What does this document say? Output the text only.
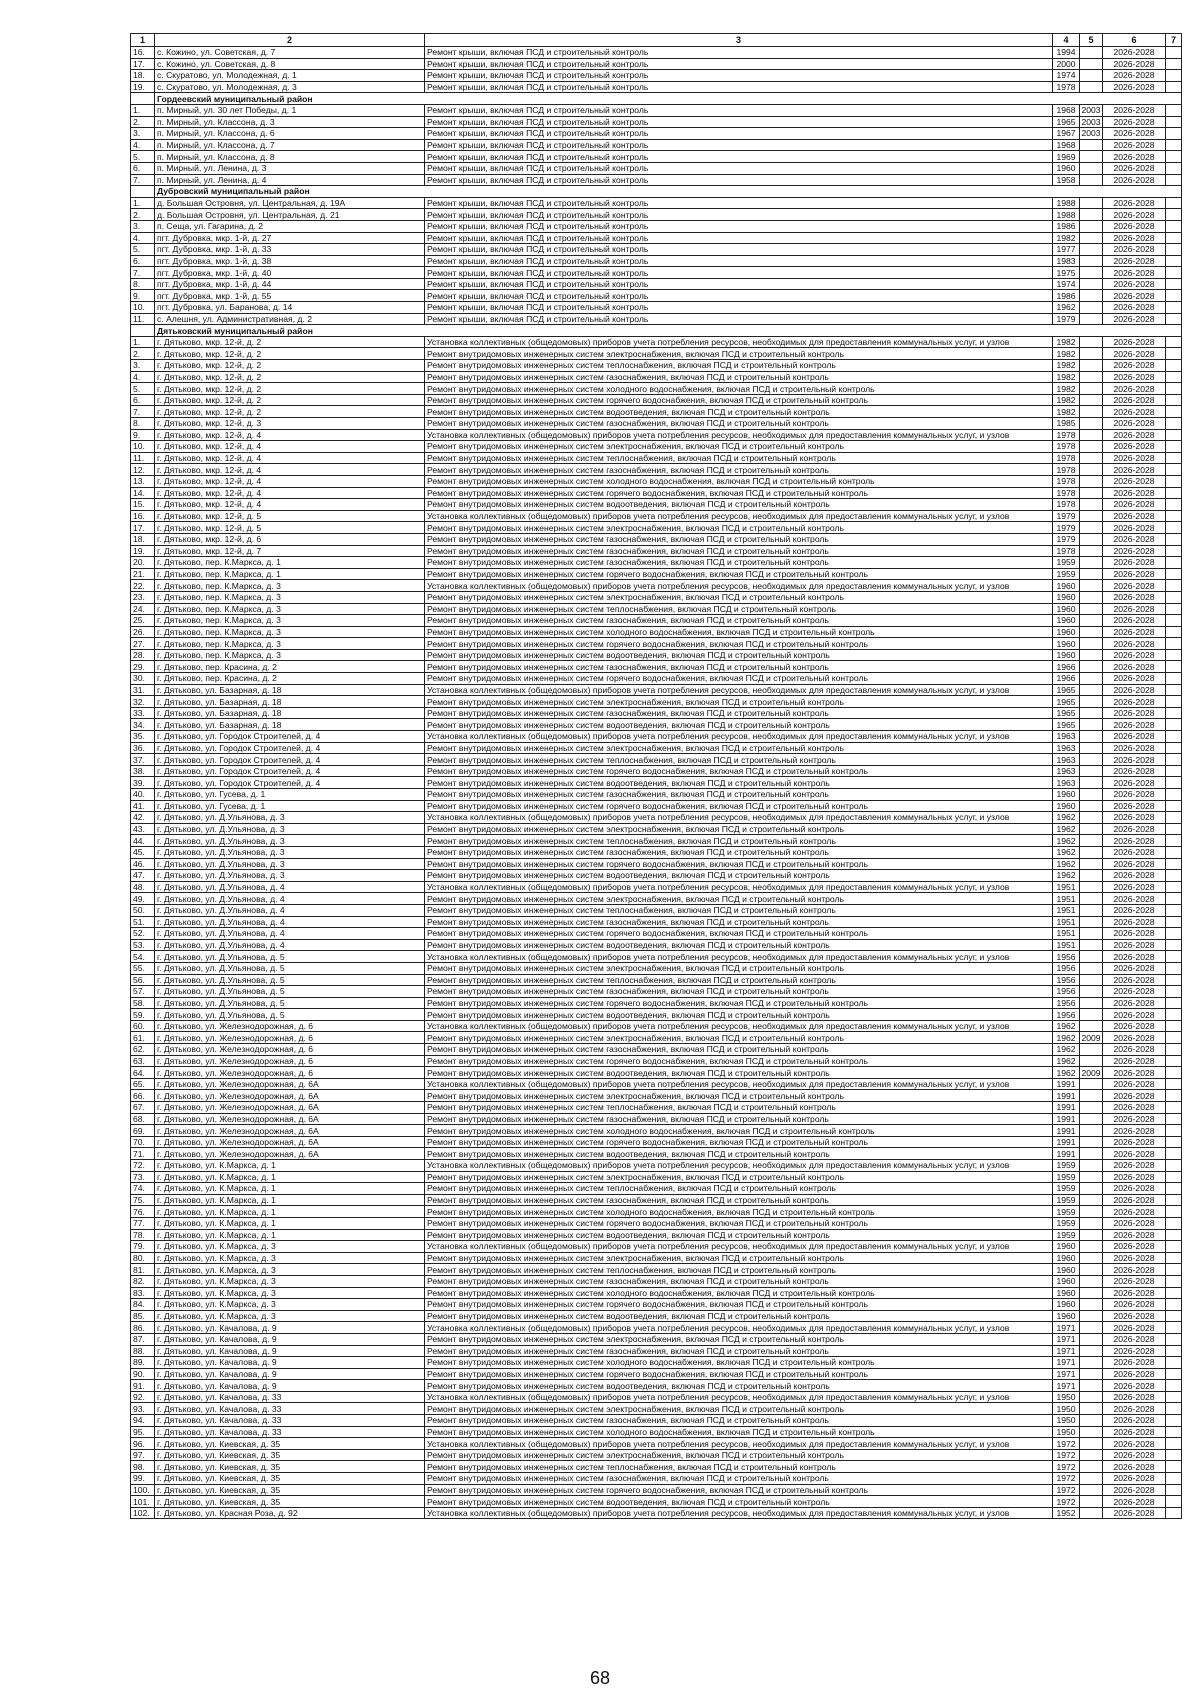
1	2	3	4	5	6	7
16.	с. Кожино, ул. Советская, д. 7	Ремонт крыши, включая ПСД и строительный контроль	1994		2026-2028	
17.	с. Кожино, ул. Советская, д. 8	Ремонт крыши, включая ПСД и строительный контроль	2000		2026-2028	
18.	с. Скуратово, ул. Молодежная, д. 1	Ремонт крыши, включая ПСД и строительный контроль	1974		2026-2028	
19.	с. Скуратово, ул. Молодежная, д. 3	Ремонт крыши, включая ПСД и строительный контроль	1978		2026-2028	
	Гордеевский муниципальный район					
1.	п. Мирный, ул. 30 лет Победы, д. 1	Ремонт крыши, включая ПСД и строительный контроль	1968	2003	2026-2028	
2.	п. Мирный, ул. Классона, д. 3	Ремонт крыши, включая ПСД и строительный контроль	1965	2003	2026-2028	
3.	п. Мирный, ул. Классона, д. 6	Ремонт крыши, включая ПСД и строительный контроль	1967	2003	2026-2028	
4.	п. Мирный, ул. Классона, д. 7	Ремонт крыши, включая ПСД и строительный контроль	1968		2026-2028	
5.	п. Мирный, ул. Классона, д. 8	Ремонт крыши, включая ПСД и строительный контроль	1969		2026-2028	
6.	п. Мирный, ул. Ленина, д. 3	Ремонт крыши, включая ПСД и строительный контроль	1960		2026-2028	
7.	п. Мирный, ул. Ленина, д. 4	Ремонт крыши, включая ПСД и строительный контроль	1958		2026-2028	
	Дубровский муниципальный район					
1.	д. Большая Островня, ул. Центральная, д. 19А	Ремонт крыши, включая ПСД и строительный контроль	1988		2026-2028	
2.	д. Большая Островня, ул. Центральная, д. 21	Ремонт крыши, включая ПСД и строительный контроль	1988		2026-2028	
3.	п. Сеща, ул. Гагарина, д. 2	Ремонт крыши, включая ПСД и строительный контроль	1986		2026-2028	
4.	пгт. Дубровка, мкр. 1-й, д. 27	Ремонт крыши, включая ПСД и строительный контроль	1982		2026-2028	
5.	пгт. Дубровка, мкр. 1-й, д. 33	Ремонт крыши, включая ПСД и строительный контроль	1977		2026-2028	
6.	пгт. Дубровка, мкр. 1-й, д. 38	Ремонт крыши, включая ПСД и строительный контроль	1983		2026-2028	
7.	пгт. Дубровка, мкр. 1-й, д. 40	Ремонт крыши, включая ПСД и строительный контроль	1975		2026-2028	
8.	пгт. Дубровка, мкр. 1-й, д. 44	Ремонт крыши, включая ПСД и строительный контроль	1974		2026-2028	
9.	пгт. Дубровка, мкр. 1-й, д. 55	Ремонт крыши, включая ПСД и строительный контроль	1986		2026-2028	
10.	пгт. Дубровка, ул. Баранова, д. 14	Ремонт крыши, включая ПСД и строительный контроль	1962		2026-2028	
11.	с. Алешня, ул. Административная, д. 2	Ремонт крыши, включая ПСД и строительный контроль	1979		2026-2028	
	Дятьковский муниципальный район					
1.	г. Дятьково, мкр. 12-й, д. 2	Установка коллективных (общедомовых) приборов учета потребления ресурсов, необходимых для предоставления коммунальных услуг, и узлов	1982		2026-2028	
2.	г. Дятьково, мкр. 12-й, д. 2	Ремонт внутридомовых инженерных систем электроснабжения, включая ПСД и строительный контроль	1982		2026-2028	
3.	г. Дятьково, мкр. 12-й, д. 2	Ремонт внутридомовых инженерных систем теплоснабжения, включая ПСД и строительный контроль	1982		2026-2028	
4.	г. Дятьково, мкр. 12-й, д. 2	Ремонт внутридомовых инженерных систем газоснабжения, включая ПСД и строительный контроль	1982		2026-2028	
5.	г. Дятьково, мкр. 12-й, д. 2	Ремонт внутридомовых инженерных систем холодного водоснабжения, включая ПСД и строительный контроль	1982		2026-2028	
6.	г. Дятьково, мкр. 12-й, д. 2	Ремонт внутридомовых инженерных систем горячего водоснабжения, включая ПСД и строительный контроль	1982		2026-2028	
7.	г. Дятьково, мкр. 12-й, д. 2	Ремонт внутридомовых инженерных систем водоотведения, включая ПСД и строительный контроль	1982		2026-2028	
8.	г. Дятьково, мкр. 12-й, д. 3	Ремонт внутридомовых инженерных систем газоснабжения, включая ПСД и строительный контроль	1985		2026-2028	
9.	г. Дятьково, мкр. 12-й, д. 4	Установка коллективных (общедомовых) приборов учета потребления ресурсов, необходимых для предоставления коммунальных услуг, и узлов	1978		2026-2028	
10.	г. Дятьково, мкр. 12-й, д. 4	Ремонт внутридомовых инженерных систем электроснабжения, включая ПСД и строительный контроль	1978		2026-2028	
11.	г. Дятьково, мкр. 12-й, д. 4	Ремонт внутридомовых инженерных систем теплоснабжения, включая ПСД и строительный контроль	1978		2026-2028	
12.	г. Дятьково, мкр. 12-й, д. 4	Ремонт внутридомовых инженерных систем газоснабжения, включая ПСД и строительный контроль	1978		2026-2028	
13.	г. Дятьково, мкр. 12-й, д. 4	Ремонт внутридомовых инженерных систем холодного водоснабжения, включая ПСД и строительный контроль	1978		2026-2028	
14.	г. Дятьково, мкр. 12-й, д. 4	Ремонт внутридомовых инженерных систем горячего водоснабжения, включая ПСД и строительный контроль	1978		2026-2028	
15.	г. Дятьково, мкр. 12-й, д. 4	Ремонт внутридомовых инженерных систем водоотведения, включая ПСД и строительный контроль	1978		2026-2028	
16.	г. Дятьково, мкр. 12-й, д. 5	Установка коллективных (общедомовых) приборов учета потребления ресурсов, необходимых для предоставления коммунальных услуг, и узлов	1979		2026-2028	
17.	г. Дятьково, мкр. 12-й, д. 5	Ремонт внутридомовых инженерных систем электроснабжения, включая ПСД и строительный контроль	1979		2026-2028	
18.	г. Дятьково, мкр. 12-й, д. 6	Ремонт внутридомовых инженерных систем газоснабжения, включая ПСД и строительный контроль	1979		2026-2028	
19.	г. Дятьково, мкр. 12-й, д. 7	Ремонт внутридомовых инженерных систем газоснабжения, включая ПСД и строительный контроль	1978		2026-2028	
20.	г. Дятьково, пер. К.Маркса, д. 1	Ремонт внутридомовых инженерных систем газоснабжения, включая ПСД и строительный контроль	1959		2026-2028	
21.	г. Дятьково, пер. К.Маркса, д. 1	Ремонт внутридомовых инженерных систем горячего водоснабжения, включая ПСД и строительный контроль	1959		2026-2028	
22.	г. Дятьково, пер. К.Маркса, д. 3	Установка коллективных (общедомовых) приборов учета потребления ресурсов, необходимых для предоставления коммунальных услуг, и узлов	1960		2026-2028	
23.	г. Дятьково, пер. К.Маркса, д. 3	Ремонт внутридомовых инженерных систем электроснабжения, включая ПСД и строительный контроль	1960		2026-2028	
24.	г. Дятьково, пер. К.Маркса, д. 3	Ремонт внутридомовых инженерных систем теплоснабжения, включая ПСД и строительный контроль	1960		2026-2028	
25.	г. Дятьково, пер. К.Маркса, д. 3	Ремонт внутридомовых инженерных систем газоснабжения, включая ПСД и строительный контроль	1960		2026-2028	
26.	г. Дятьково, пер. К.Маркса, д. 3	Ремонт внутридомовых инженерных систем холодного водоснабжения, включая ПСД и строительный контроль	1960		2026-2028	
27.	г. Дятьково, пер. К.Маркса, д. 3	Ремонт внутридомовых инженерных систем горячего водоснабжения, включая ПСД и строительный контроль	1960		2026-2028	
28.	г. Дятьково, пер. К.Маркса, д. 3	Ремонт внутридомовых инженерных систем водоотведения, включая ПСД и строительный контроль	1960		2026-2028	
29.	г. Дятьково, пер. Красина, д. 2	Ремонт внутридомовых инженерных систем газоснабжения, включая ПСД и строительный контроль	1966		2026-2028	
30.	г. Дятьково, пер. Красина, д. 2	Ремонт внутридомовых инженерных систем горячего водоснабжения, включая ПСД и строительный контроль	1966		2026-2028	
31.	г. Дятьково, ул. Базарная, д. 18	Установка коллективных (общедомовых) приборов учета потребления ресурсов, необходимых для предоставления коммунальных услуг, и узлов	1965		2026-2028	
32.	г. Дятьково, ул. Базарная, д. 18	Ремонт внутридомовых инженерных систем электроснабжения, включая ПСД и строительный контроль	1965		2026-2028	
33.	г. Дятьково, ул. Базарная, д. 18	Ремонт внутридомовых инженерных систем газоснабжения, включая ПСД и строительный контроль	1965		2026-2028	
34.	г. Дятьково, ул. Базарная, д. 18	Ремонт внутридомовых инженерных систем водоотведения, включая ПСД и строительный контроль	1965		2026-2028	
35.	г. Дятьково, ул. Городок Строителей, д. 4	Установка коллективных (общедомовых) приборов учета потребления ресурсов, необходимых для предоставления коммунальных услуг, и узлов	1963		2026-2028	
36.	г. Дятьково, ул. Городок Строителей, д. 4	Ремонт внутридомовых инженерных систем электроснабжения, включая ПСД и строительный контроль	1963		2026-2028	
37.	г. Дятьково, ул. Городок Строителей, д. 4	Ремонт внутридомовых инженерных систем теплоснабжения, включая ПСД и строительный контроль	1963		2026-2028	
38.	г. Дятьково, ул. Городок Строителей, д. 4	Ремонт внутридомовых инженерных систем горячего водоснабжения, включая ПСД и строительный контроль	1963		2026-2028	
39.	г. Дятьково, ул. Городок Строителей, д. 4	Ремонт внутридомовых инженерных систем водоотведения, включая ПСД и строительный контроль	1963		2026-2028	
40.	г. Дятьково, ул. Гусева, д. 1	Ремонт внутридомовых инженерных систем газоснабжения, включая ПСД и строительный контроль	1960		2026-2028	
41.	г. Дятьково, ул. Гусева, д. 1	Ремонт внутридомовых инженерных систем горячего водоснабжения, включая ПСД и строительный контроль	1960		2026-2028	
42.	г. Дятьково, ул. Д.Ульянова, д. 3	Установка коллективных (общедомовых) приборов учета потребления ресурсов, необходимых для предоставления коммунальных услуг, и узлов	1962		2026-2028	
43.	г. Дятьково, ул. Д.Ульянова, д. 3	Ремонт внутридомовых инженерных систем электроснабжения, включая ПСД и строительный контроль	1962		2026-2028	
44.	г. Дятьково, ул. Д.Ульянова, д. 3	Ремонт внутридомовых инженерных систем теплоснабжения, включая ПСД и строительный контроль	1962		2026-2028	
45.	г. Дятьково, ул. Д.Ульянова, д. 3	Ремонт внутридомовых инженерных систем газоснабжения, включая ПСД и строительный контроль	1962		2026-2028	
46.	г. Дятьково, ул. Д.Ульянова, д. 3	Ремонт внутридомовых инженерных систем горячего водоснабжения, включая ПСД и строительный контроль	1962		2026-2028	
47.	г. Дятьково, ул. Д.Ульянова, д. 3	Ремонт внутридомовых инженерных систем водоотведения, включая ПСД и строительный контроль	1962		2026-2028	
48.	г. Дятьково, ул. Д.Ульянова, д. 4	Установка коллективных (общедомовых) приборов учета потребления ресурсов, необходимых для предоставления коммунальных услуг, и узлов	1951		2026-2028	
49.	г. Дятьково, ул. Д.Ульянова, д. 4	Ремонт внутридомовых инженерных систем электроснабжения, включая ПСД и строительный контроль	1951		2026-2028	
50.	г. Дятьково, ул. Д.Ульянова, д. 4	Ремонт внутридомовых инженерных систем теплоснабжения, включая ПСД и строительный контроль	1951		2026-2028	
51.	г. Дятьково, ул. Д.Ульянова, д. 4	Ремонт внутридомовых инженерных систем газоснабжения, включая ПСД и строительный контроль	1951		2026-2028	
52.	г. Дятьково, ул. Д.Ульянова, д. 4	Ремонт внутридомовых инженерных систем горячего водоснабжения, включая ПСД и строительный контроль	1951		2026-2028	
53.	г. Дятьково, ул. Д.Ульянова, д. 4	Ремонт внутридомовых инженерных систем водоотведения, включая ПСД и строительный контроль	1951		2026-2028	
54.	г. Дятьково, ул. Д.Ульянова, д. 5	Установка коллективных (общедомовых) приборов учета потребления ресурсов, необходимых для предоставления коммунальных услуг, и узлов	1956		2026-2028	
55.	г. Дятьково, ул. Д.Ульянова, д. 5	Ремонт внутридомовых инженерных систем электроснабжения, включая ПСД и строительный контроль	1956		2026-2028	
56.	г. Дятьково, ул. Д.Ульянова, д. 5	Ремонт внутридомовых инженерных систем теплоснабжения, включая ПСД и строительный контроль	1956		2026-2028	
57.	г. Дятьково, ул. Д.Ульянова, д. 5	Ремонт внутридомовых инженерных систем газоснабжения, включая ПСД и строительный контроль	1956		2026-2028	
58.	г. Дятьково, ул. Д.Ульянова, д. 5	Ремонт внутридомовых инженерных систем горячего водоснабжения, включая ПСД и строительный контроль	1956		2026-2028	
59.	г. Дятьково, ул. Д.Ульянова, д. 5	Ремонт внутридомовых инженерных систем водоотведения, включая ПСД и строительный контроль	1956		2026-2028	
60.	г. Дятьково, ул. Железнодорожная, д. 6	Установка коллективных (общедомовых) приборов учета потребления ресурсов, необходимых для предоставления коммунальных услуг, и узлов	1962		2026-2028	
61.	г. Дятьково, ул. Железнодорожная, д. 6	Ремонт внутридомовых инженерных систем электроснабжения, включая ПСД и строительный контроль	1962	2009	2026-2028	
62.	г. Дятьково, ул. Железнодорожная, д. 6	Ремонт внутридомовых инженерных систем газоснабжения, включая ПСД и строительный контроль	1962		2026-2028	
63.	г. Дятьково, ул. Железнодорожная, д. 6	Ремонт внутридомовых инженерных систем горячего водоснабжения, включая ПСД и строительный контроль	1962		2026-2028	
64.	г. Дятьково, ул. Железнодорожная, д. 6	Ремонт внутридомовых инженерных систем водоотведения, включая ПСД и строительный контроль	1962	2009	2026-2028	
65.	г. Дятьково, ул. Железнодорожная, д. 6А	Установка коллективных (общедомовых) приборов учета потребления ресурсов, необходимых для предоставления коммунальных услуг, и узлов	1991		2026-2028	
66.	г. Дятьково, ул. Железнодорожная, д. 6А	Ремонт внутридомовых инженерных систем электроснабжения, включая ПСД и строительный контроль	1991		2026-2028	
67.	г. Дятьково, ул. Железнодорожная, д. 6А	Ремонт внутридомовых инженерных систем теплоснабжения, включая ПСД и строительный контроль	1991		2026-2028	
68.	г. Дятьково, ул. Железнодорожная, д. 6А	Ремонт внутридомовых инженерных систем газоснабжения, включая ПСД и строительный контроль	1991		2026-2028	
69.	г. Дятьково, ул. Железнодорожная, д. 6А	Ремонт внутридомовых инженерных систем холодного водоснабжения, включая ПСД и строительный контроль	1991		2026-2028	
70.	г. Дятьково, ул. Железнодорожная, д. 6А	Ремонт внутридомовых инженерных систем горячего водоснабжения, включая ПСД и строительный контроль	1991		2026-2028	
71.	г. Дятьково, ул. Железнодорожная, д. 6А	Ремонт внутридомовых инженерных систем водоотведения, включая ПСД и строительный контроль	1991		2026-2028	
72.	г. Дятьково, ул. К.Маркса, д. 1	Установка коллективных (общедомовых) приборов учета потребления ресурсов, необходимых для предоставления коммунальных услуг, и узлов	1959		2026-2028	
73.	г. Дятьково, ул. К.Маркса, д. 1	Ремонт внутридомовых инженерных систем электроснабжения, включая ПСД и строительный контроль	1959		2026-2028	
74.	г. Дятьково, ул. К.Маркса, д. 1	Ремонт внутридомовых инженерных систем теплоснабжения, включая ПСД и строительный контроль	1959		2026-2028	
75.	г. Дятьково, ул. К.Маркса, д. 1	Ремонт внутридомовых инженерных систем газоснабжения, включая ПСД и строительный контроль	1959		2026-2028	
76.	г. Дятьково, ул. К.Маркса, д. 1	Ремонт внутридомовых инженерных систем холодного водоснабжения, включая ПСД и строительный контроль	1959		2026-2028	
77.	г. Дятьково, ул. К.Маркса, д. 1	Ремонт внутридомовых инженерных систем горячего водоснабжения, включая ПСД и строительный контроль	1959		2026-2028	
78.	г. Дятьково, ул. К.Маркса, д. 1	Ремонт внутридомовых инженерных систем водоотведения, включая ПСД и строительный контроль	1959		2026-2028	
79.	г. Дятьково, ул. К.Маркса, д. 3	Установка коллективных (общедомовых) приборов учета потребления ресурсов, необходимых для предоставления коммунальных услуг, и узлов	1960		2026-2028	
80.	г. Дятьково, ул. К.Маркса, д. 3	Ремонт внутридомовых инженерных систем электроснабжения, включая ПСД и строительный контроль	1960		2026-2028	
81.	г. Дятьково, ул. К.Маркса, д. 3	Ремонт внутридомовых инженерных систем теплоснабжения, включая ПСД и строительный контроль	1960		2026-2028	
82.	г. Дятьково, ул. К.Маркса, д. 3	Ремонт внутридомовых инженерных систем газоснабжения, включая ПСД и строительный контроль	1960		2026-2028	
83.	г. Дятьково, ул. К.Маркса, д. 3	Ремонт внутридомовых инженерных систем холодного водоснабжения, включая ПСД и строительный контроль	1960		2026-2028	
84.	г. Дятьково, ул. К.Маркса, д. 3	Ремонт внутридомовых инженерных систем горячего водоснабжения, включая ПСД и строительный контроль	1960		2026-2028	
85.	г. Дятьково, ул. К.Маркса, д. 3	Ремонт внутридомовых инженерных систем водоотведения, включая ПСД и строительный контроль	1960		2026-2028	
86.	г. Дятьково, ул. Качалова, д. 9	Установка коллективных (общедомовых) приборов учета потребления ресурсов, необходимых для предоставления коммунальных услуг, и узлов	1971		2026-2028	
87.	г. Дятьково, ул. Качалова, д. 9	Ремонт внутридомовых инженерных систем электроснабжения, включая ПСД и строительный контроль	1971		2026-2028	
88.	г. Дятьково, ул. Качалова, д. 9	Ремонт внутридомовых инженерных систем газоснабжения, включая ПСД и строительный контроль	1971		2026-2028	
89.	г. Дятьково, ул. Качалова, д. 9	Ремонт внутридомовых инженерных систем холодного водоснабжения, включая ПСД и строительный контроль	1971		2026-2028	
90.	г. Дятьково, ул. Качалова, д. 9	Ремонт внутридомовых инженерных систем горячего водоснабжения, включая ПСД и строительный контроль	1971		2026-2028	
91.	г. Дятьково, ул. Качалова, д. 9	Ремонт внутридомовых инженерных систем водоотведения, включая ПСД и строительный контроль	1971		2026-2028	
92.	г. Дятьково, ул. Качалова, д. 33	Установка коллективных (общедомовых) приборов учета потребления ресурсов, необходимых для предоставления коммунальных услуг, и узлов	1950		2026-2028	
93.	г. Дятьково, ул. Качалова, д. 33	Ремонт внутридомовых инженерных систем электроснабжения, включая ПСД и строительный контроль	1950		2026-2028	
94.	г. Дятьково, ул. Качалова, д. 33	Ремонт внутридомовых инженерных систем газоснабжения, включая ПСД и строительный контроль	1950		2026-2028	
95.	г. Дятьково, ул. Качалова, д. 33	Ремонт внутридомовых инженерных систем холодного водоснабжения, включая ПСД и строительный контроль	1950		2026-2028	
96.	г. Дятьково, ул. Киевская, д. 35	Установка коллективных (общедомовых) приборов учета потребления ресурсов, необходимых для предоставления коммунальных услуг, и узлов	1972		2026-2028	
97.	г. Дятьково, ул. Киевская, д. 35	Ремонт внутридомовых инженерных систем электроснабжения, включая ПСД и строительный контроль	1972		2026-2028	
98.	г. Дятьково, ул. Киевская, д. 35	Ремонт внутридомовых инженерных систем теплоснабжения, включая ПСД и строительный контроль	1972		2026-2028	
99.	г. Дятьково, ул. Киевская, д. 35	Ремонт внутридомовых инженерных систем газоснабжения, включая ПСД и строительный контроль	1972		2026-2028	
100.	г. Дятьково, ул. Киевская, д. 35	Ремонт внутридомовых инженерных систем горячего водоснабжения, включая ПСД и строительный контроль	1972		2026-2028	
101.	г. Дятьково, ул. Киевская, д. 35	Ремонт внутридомовых инженерных систем водоотведения, включая ПСД и строительный контроль	1972		2026-2028	
102.	г. Дятьково, ул. Красная Роза, д. 92	Установка коллективных (общедомовых) приборов учета потребления ресурсов, необходимых для предоставления коммунальных услуг, и узлов	1952		2026-2028	
68
